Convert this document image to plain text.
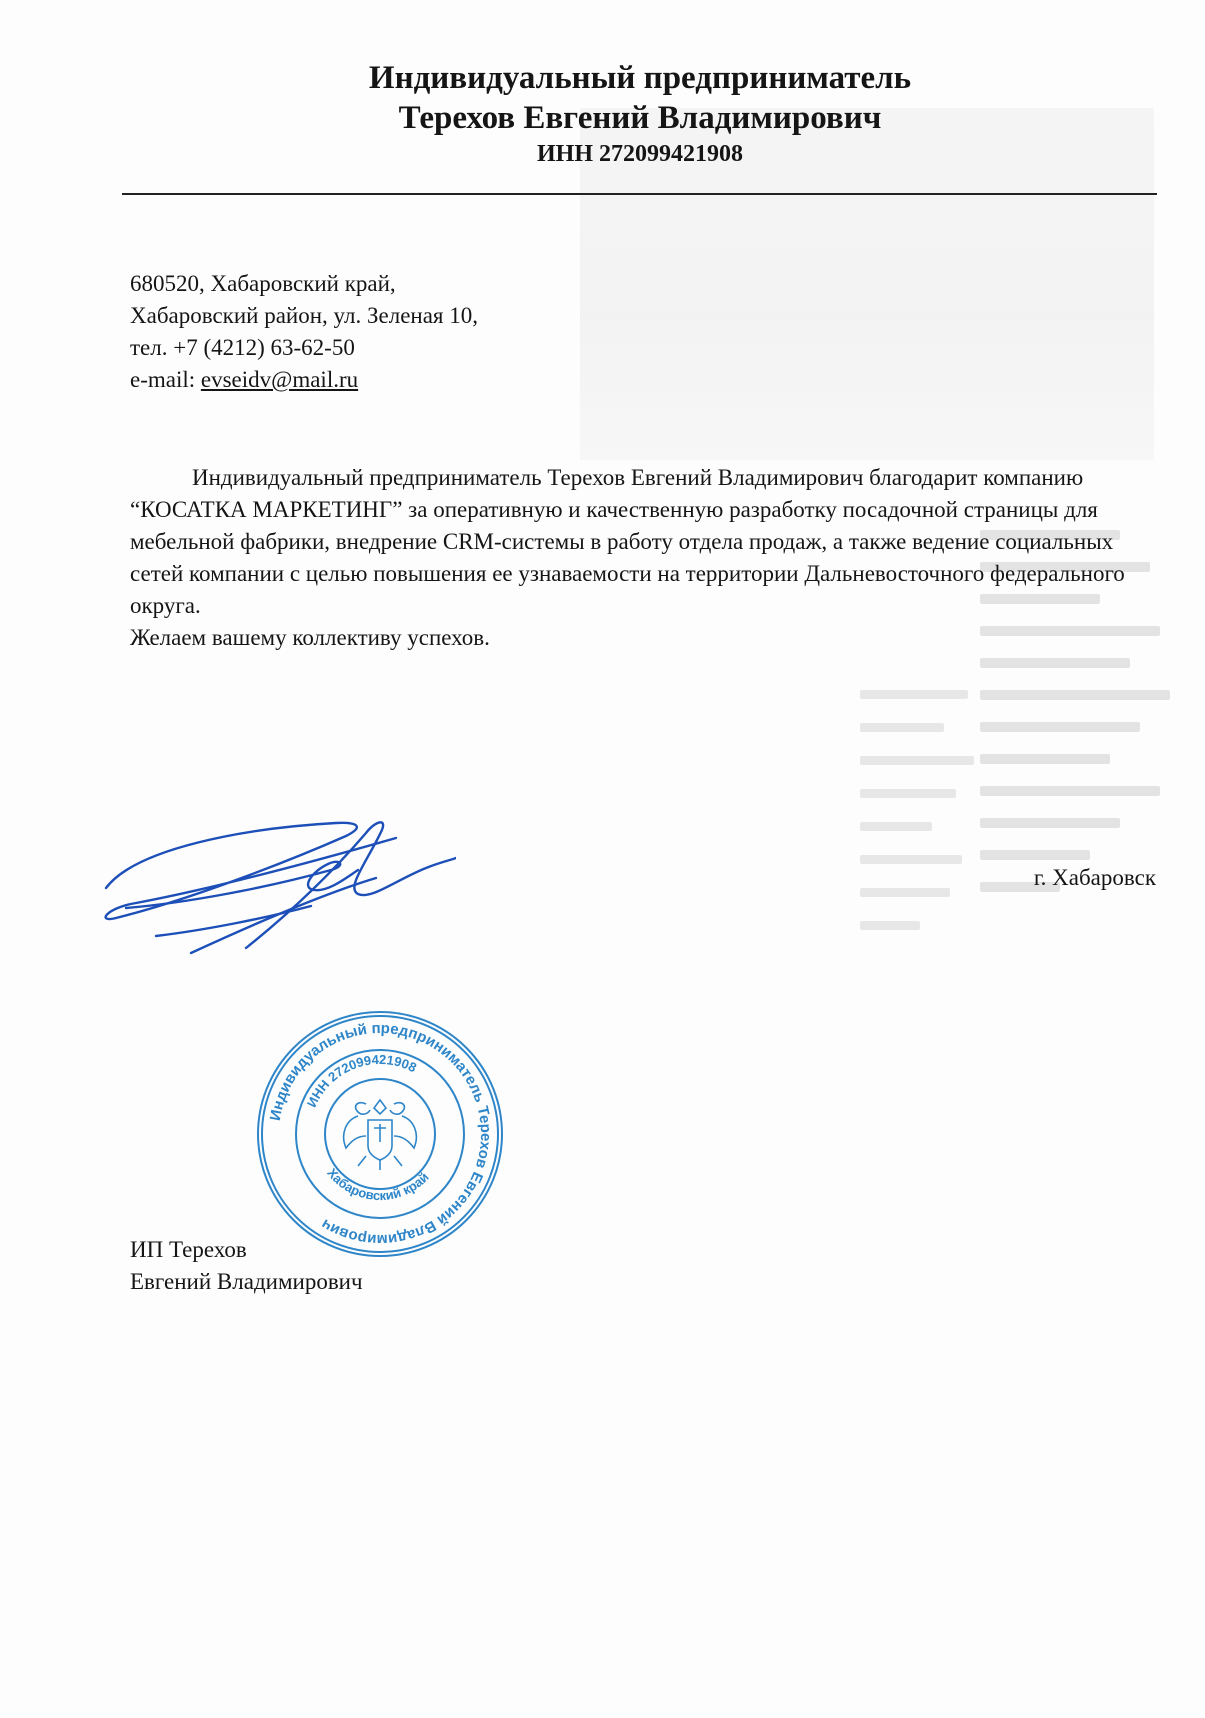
Индивидуальный предприниматель
Терехов Евгений Владимирович
ИНН 272099421908
680520, Хабаровский край,
Хабаровский район, ул. Зеленая 10,
тел. +7 (4212) 63-62-50
e-mail: evseidv@mail.ru

Индивидуальный предприниматель Терехов Евгений Владимирович благодарит компанию “КОСАТКА МАРКЕТИНГ” за оперативную и качественную разработку посадочной страницы для мебельной фабрики, внедрение CRM-системы в работу отдела продаж, а также ведение социальных сетей компании с целью повышения ее узнаваемости на территории Дальневосточного федерального округа.

Желаем вашему коллективу успехов.

г. Хабаровск
Индивидуальный предприниматель Терехов Евгений Владимирович
ИНН 272099421908
Хабаровский край
ИП Терехов
Евгений Владимирович
